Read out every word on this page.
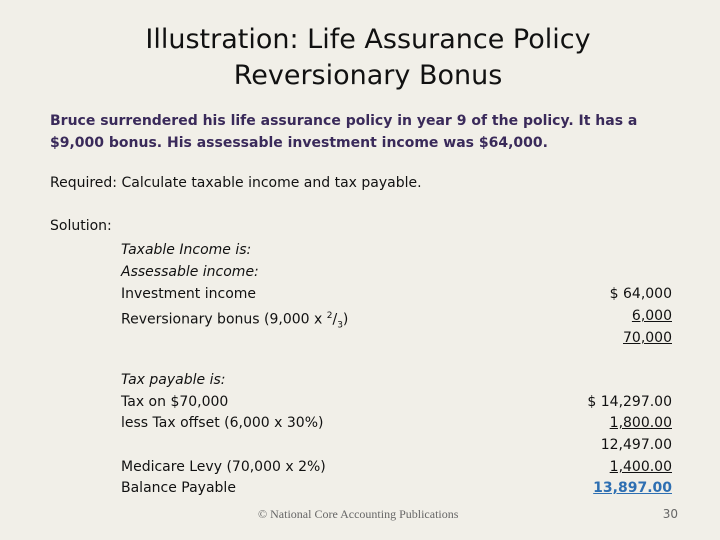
Illustration: Life Assurance Policy
Reversionary Bonus
Bruce surrendered his life assurance policy in year 9 of the policy. It has a $9,000 bonus. His assessable investment income was $64,000.
Required: Calculate taxable income and tax payable.
Solution:
Taxable Income is:
Assessable income:
Investment income
Reversionary bonus (9,000 x $^2/_3$)
$ 64,000
6,000
70,000
Tax payable is:
Tax on $70,000
less Tax offset (6,000 x 30%)
Medicare Levy (70,000 x 2%)
Balance Payable
$ 14,297.00
1,800.00
12,497.00
1,400.00
13,897.00
© National Core Accounting Publications	30
